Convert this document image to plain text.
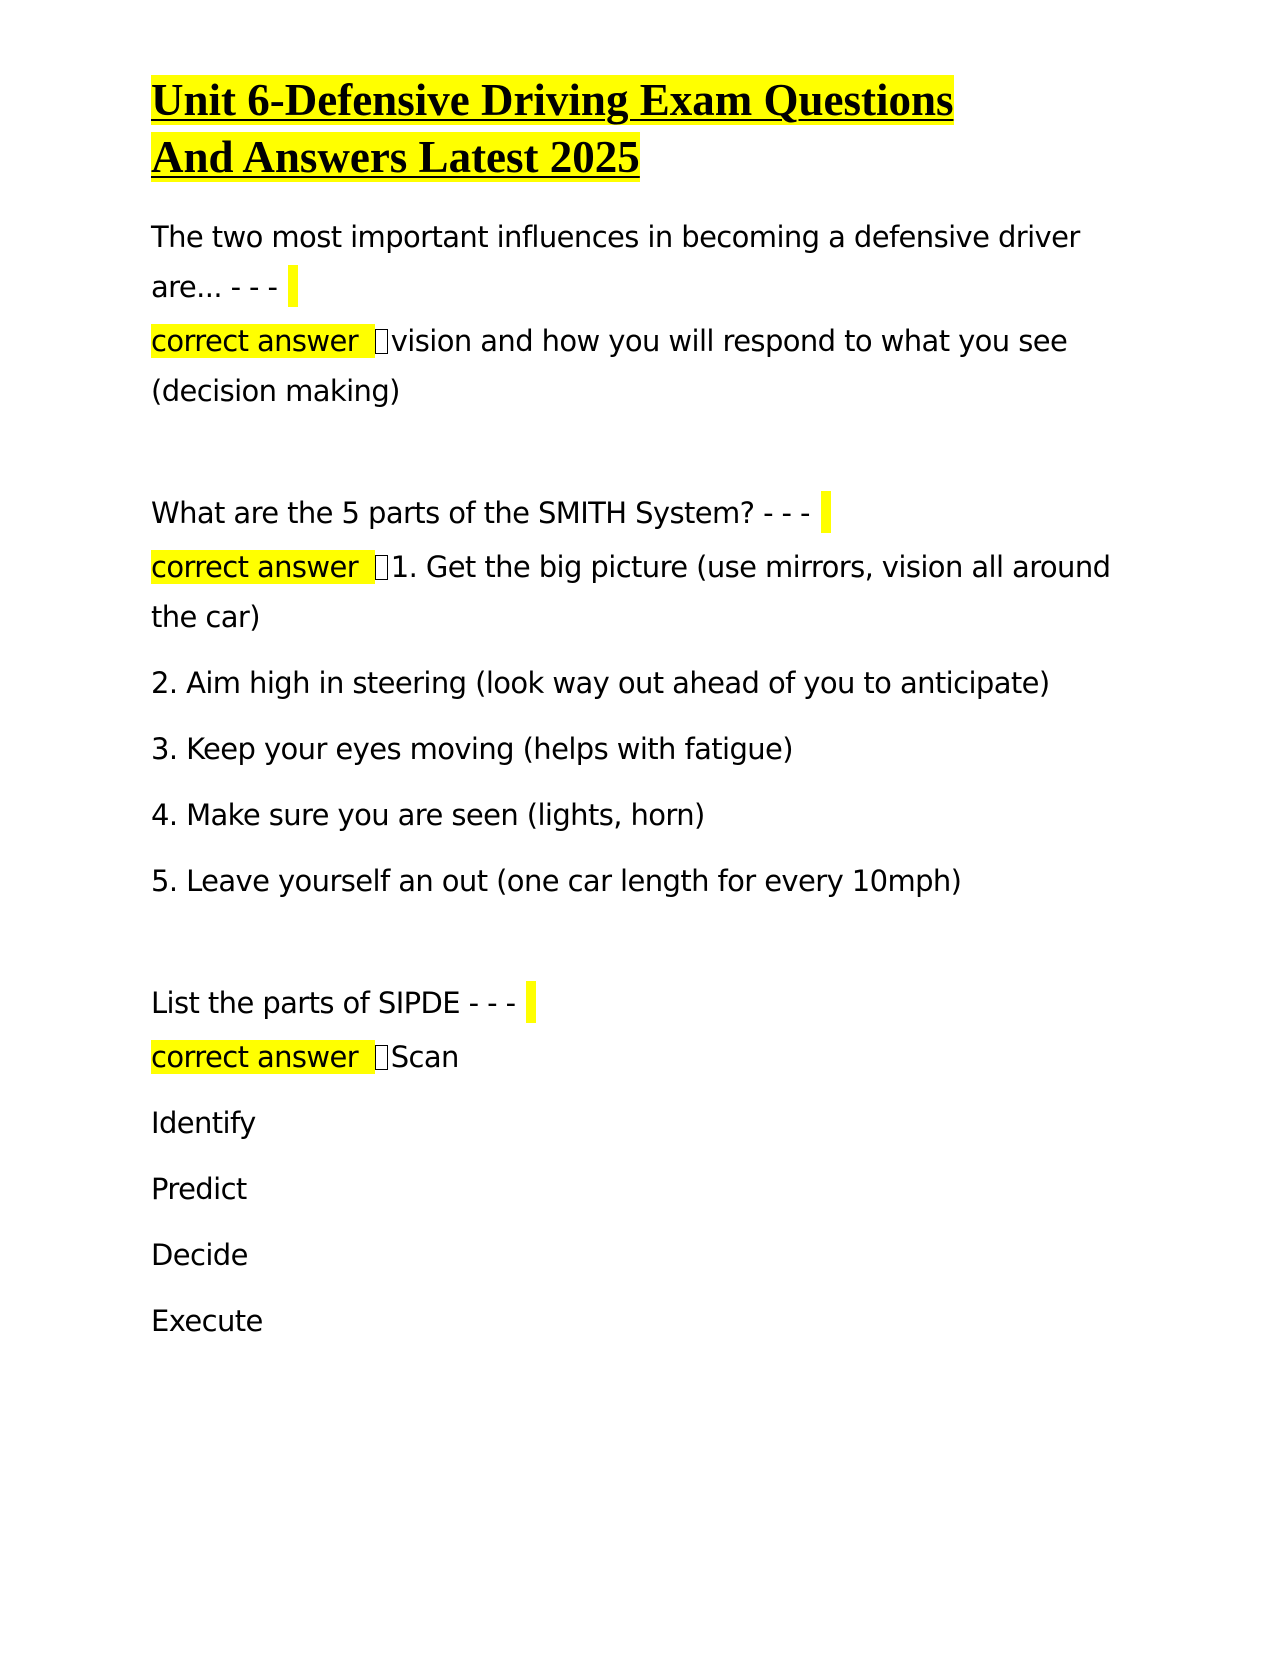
Unit 6-Defensive Driving Exam Questions
And Answers Latest 2025

The two most important influences in becoming a defensive driver are... - - -

correct answer vision and how you will respond to what you see (decision making)

What are the 5 parts of the SMITH System? - - -

correct answer 1. Get the big picture (use mirrors, vision all around the car)

2. Aim high in steering (look way out ahead of you to anticipate)

3. Keep your eyes moving (helps with fatigue)

4. Make sure you are seen (lights, horn)

5. Leave yourself an out (one car length for every 10mph)

List the parts of SIPDE - - -

correct answer Scan

Identify

Predict

Decide

Execute
